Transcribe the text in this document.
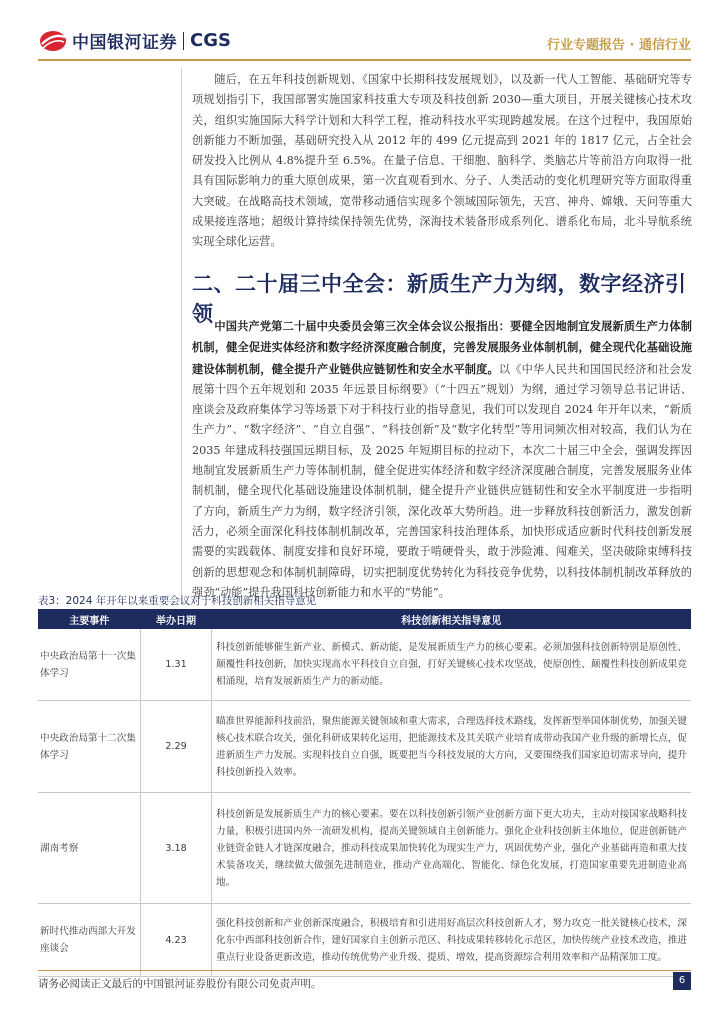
中国银河证券 CGS	行业专题报告 · 通信行业

随后，在五年科技创新规划、《国家中长期科技发展规划》，以及新一代人工智能、基础研究等专项规划指引下，我国部署实施国家科技重大专项及科技创新 2030—重大项目，开展关键核心技术攻关，组织实施国际大科学计划和大科学工程，推动科技水平实现跨越发展。在这个过程中，我国原始创新能力不断加强，基础研究投入从 2012 年的 499 亿元提高到 2021 年的 1817 亿元，占全社会研发投入比例从 4.8%提升至 6.5%。在量子信息、干细胞、脑科学、类脑芯片等前沿方向取得一批具有国际影响力的重大原创成果，第一次直观看到水、分子、人类活动的变化机理研究等方面取得重大突破。在战略高技术领域，宽带移动通信实现多个领域国际领先，天宫、神舟、嫦娥、天问等重大成果接连落地；超级计算持续保持领先优势，深海技术装备形成系列化、谱系化布局，北斗导航系统实现全球化运营。

二、二十届三中全会：新质生产力为纲，数字经济引领 中国共产党第二十届中央委员会第三次全体会议公报指出：要健全因地制宜发展新质生产力体制机制，健全促进实体经济和数字经济深度融合制度，完善发展服务业体制机制，健全现代化基础设施建设体制机制，健全提升产业链供应链韧性和安全水平制度。以《中华人民共和国国民经济和社会发展第十四个五年规划和 2035 年远景目标纲要》（“十四五”规划）为纲，通过学习领导总书记讲话、座谈会及政府集体学习等场景下对于科技行业的指导意见，我们可以发现自 2024 年开年以来，“新质生产力”、“数字经济”、“自立自强”、“科技创新”及“数字化转型”等用词频次相对较高，我们认为在 2035 年建成科技强国远期目标，及 2025 年短期目标的拉动下，本次二十届三中全会，强调发挥因地制宜发展新质生产力等体制机制，健全促进实体经济和数字经济深度融合制度，完善发展服务业体制机制，健全现代化基础设施建设体制机制，健全提升产业链供应链韧性和安全水平制度进一步指明了方向，新质生产力为纲，数字经济引领，深化改革大势所趋。进一步释放科技创新活力，激发创新活力，必须全面深化科技体制机制改革，完善国家科技治理体系，加快形成适应新时代科技创新发展需要的实践载体、制度安排和良好环境，要敢于啃硬骨头，敢于涉险滩、闯难关，坚决破除束缚科技创新的思想观念和体制机制障碍，切实把制度优势转化为科技竞争优势，以科技体制机制改革释放的强劲“动能”提升我国科技创新能力和水平的“势能”。

表3：2024 年开年以来重要会议对于科技创新相关指导意见
主要事件	举办日期	科技创新相关指导意见
中央政治局第十一次集体学习	1.31	科技创新能够催生新产业、新模式、新动能，是发展新质生产力的核心要素。必须加强科技创新特别是原创性、颠覆性科技创新，加快实现高水平科技自立自强，打好关键核心技术攻坚战，使原创性、颠覆性科技创新成果竞相涌现，培育发展新质生产力的新动能。
中央政治局第十二次集体学习	2.29	瞄准世界能源科技前沿，聚焦能源关键领域和重大需求，合理选择技术路线，发挥新型举国体制优势，加强关键核心技术联合攻关，强化科研成果转化运用，把能源技术及其关联产业培育成带动我国产业升级的新增长点，促进新质生产力发展。实现科技自立自强，既要把当今科技发展的大方向，又要围绕我们国家迫切需求导向，提升科技创新投入效率。
湖南考察	3.18	科技创新是发展新质生产力的核心要素。要在以科技创新引领产业创新方面下更大功夫，主动对接国家战略科技力量，积极引进国内外一流研发机构，提高关键领域自主创新能力。强化企业科技创新主体地位，促进创新链产业链资金链人才链深度融合，推动科技成果加快转化为现实生产力，巩固优势产业，强化产业基础再造和重大技术装备攻关，继续做大做强先进制造业，推动产业高端化、智能化、绿色化发展，打造国家重要先进制造业高地。
新时代推动西部大开发座谈会	4.23	强化科技创新和产业创新深度融合，积极培育和引进用好高层次科技创新人才，努力攻克一批关键核心技术，深化东中西部科技创新合作，建好国家自主创新示范区、科技成果转移转化示范区，加快传统产业技术改造，推进重点行业设备更新改造，推动传统优势产业升级、提质、增效，提高资源综合利用效率和产品精深加工度。
请务必阅读正文最后的中国银河证券股份有限公司免责声明。	6
